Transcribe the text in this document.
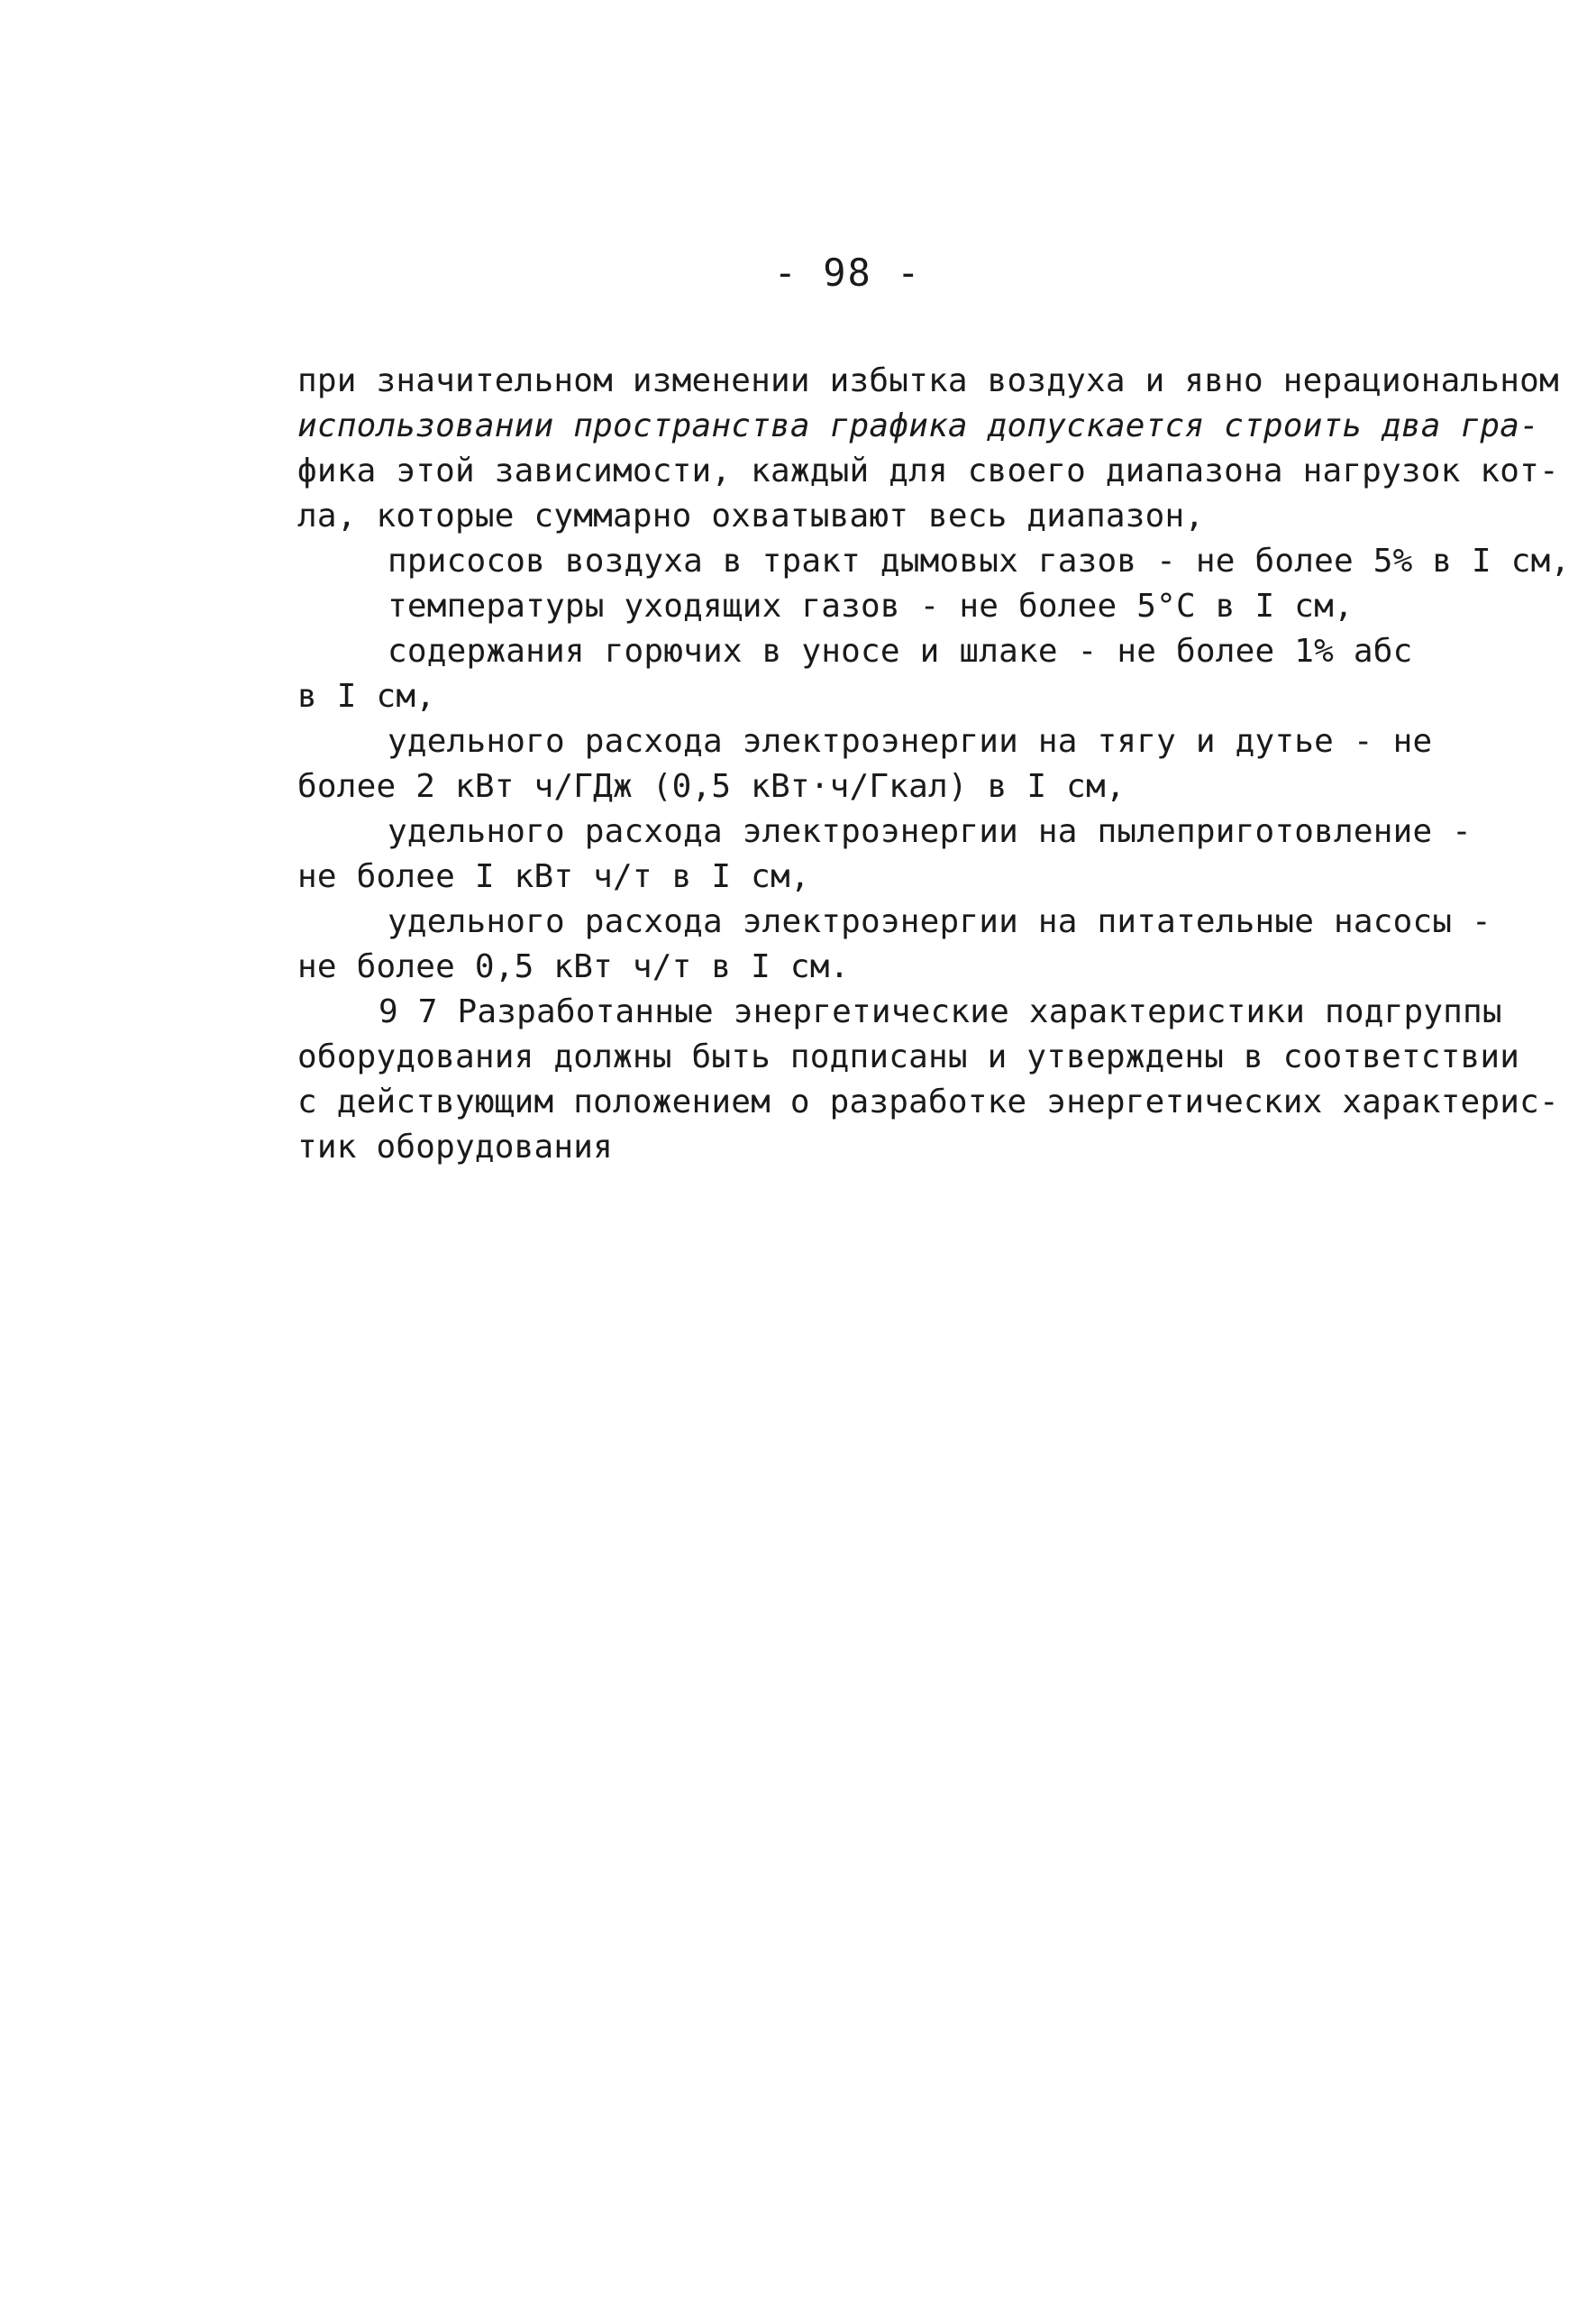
- 98 -
при значительном изменении избытка воздуха и явно нерациональном
использовании пространства графика допускается строить два гра-
фика этой зависимости, каждый для своего диапазона нагрузок кот-
ла, которые суммарно охватывают весь диапазон,
присосов воздуха в тракт дымовых газов - не более 5% в I см,
температуры уходящих газов - не более 5°С в I см,
содержания горючих в уносе и шлаке - не более 1% абс
в I см,
удельного расхода электроэнергии на тягу и дутье - не
более 2 кВт ч/ГДж (0,5 кВт·ч/Гкал) в I см,
удельного расхода электроэнергии на пылеприготовление -
не более I кВт ч/т в I см,
удельного расхода электроэнергии на питательные насосы -
не более 0,5 кВт ч/т в I см.
9 7 Разработанные энергетические характеристики подгруппы
оборудования должны быть подписаны и утверждены в соответствии
с действующим положением о разработке энергетических характерис-
тик оборудования
